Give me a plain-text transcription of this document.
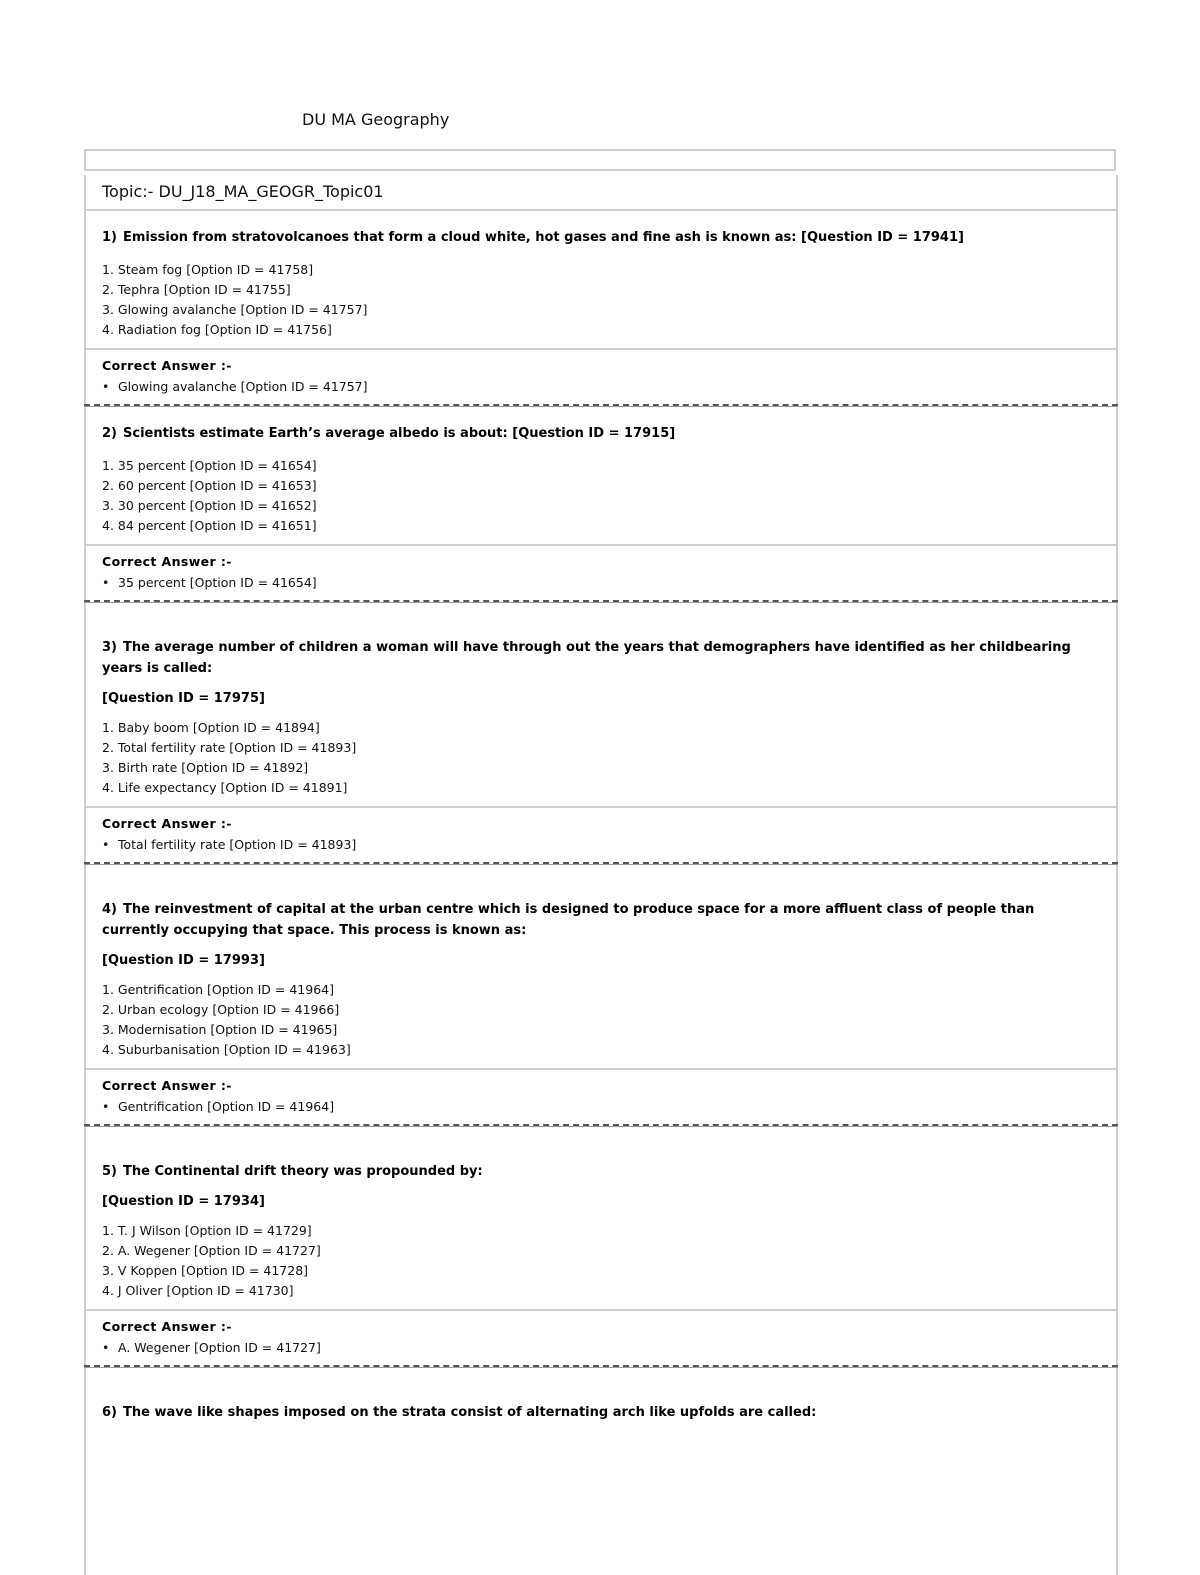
DU MA Geography
Topic:- DU_J18_MA_GEOGR_Topic01
1) Emission from stratovolcanoes that form a cloud white, hot gases and fine ash is known as: [Question ID = 17941]
1. Steam fog [Option ID = 41758]
2. Tephra [Option ID = 41755]
3. Glowing avalanche [Option ID = 41757]
4. Radiation fog [Option ID = 41756]
Correct Answer :-
• Glowing avalanche [Option ID = 41757]
2) Scientists estimate Earth’s average albedo is about: [Question ID = 17915]
1. 35 percent [Option ID = 41654]
2. 60 percent [Option ID = 41653]
3. 30 percent [Option ID = 41652]
4. 84 percent [Option ID = 41651]
Correct Answer :-
• 35 percent [Option ID = 41654]
3) The average number of children a woman will have through out the years that demographers have identified as her childbearing years is called:
[Question ID = 17975]
1. Baby boom [Option ID = 41894]
2. Total fertility rate [Option ID = 41893]
3. Birth rate [Option ID = 41892]
4. Life expectancy [Option ID = 41891]
Correct Answer :-
• Total fertility rate [Option ID = 41893]
4) The reinvestment of capital at the urban centre which is designed to produce space for a more affluent class of people than currently occupying that space. This process is known as:
[Question ID = 17993]
1. Gentrification [Option ID = 41964]
2. Urban ecology [Option ID = 41966]
3. Modernisation [Option ID = 41965]
4. Suburbanisation [Option ID = 41963]
Correct Answer :-
• Gentrification [Option ID = 41964]
5) The Continental drift theory was propounded by:
[Question ID = 17934]
1. T. J Wilson [Option ID = 41729]
2. A. Wegener [Option ID = 41727]
3. V Koppen [Option ID = 41728]
4. J Oliver [Option ID = 41730]
Correct Answer :-
• A. Wegener [Option ID = 41727]
6) The wave like shapes imposed on the strata consist of alternating arch like upfolds are called:
